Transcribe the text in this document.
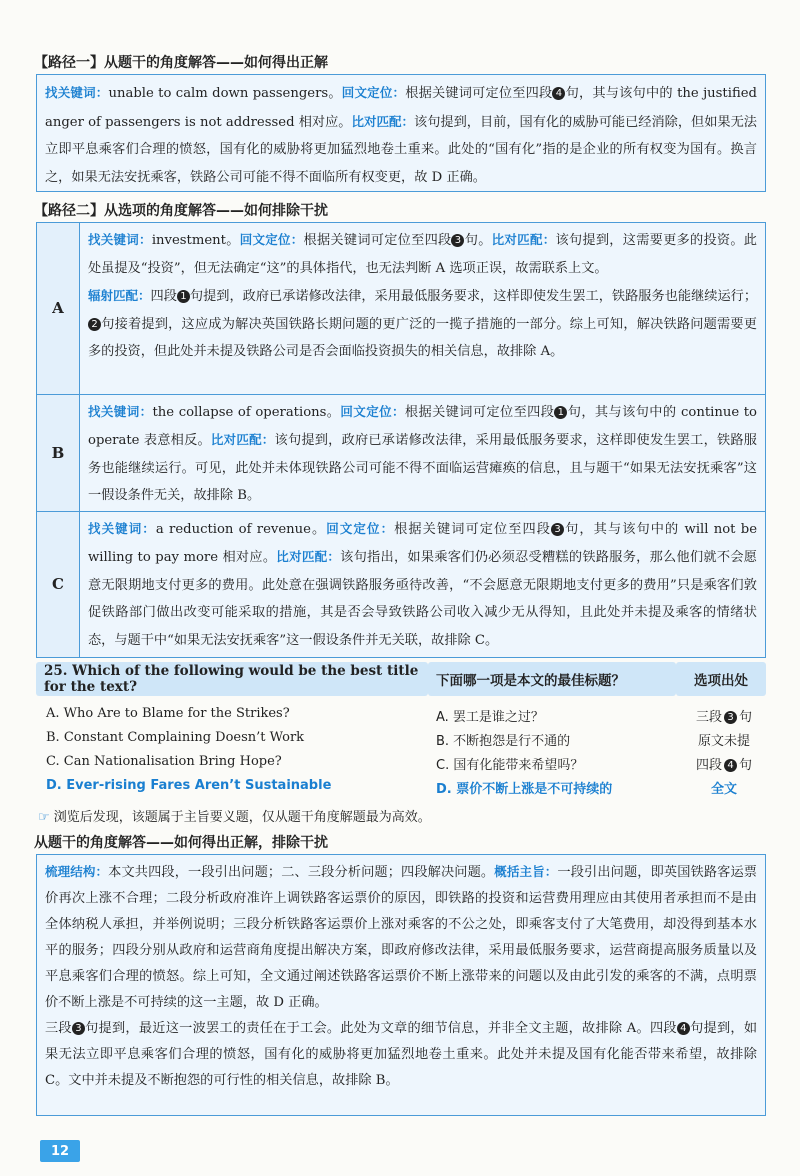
【路径一】从题干的角度解答——如何得出正解
找关键词：unable to calm down passengers。回文定位：根据关键词可定位至四段 4 句，其与该句中的 the justified anger of passengers is not addressed 相对应。比对匹配：该句提到，目前，国有化的威胁可能已经消除，但如果无法立即平息乘客们合理的愤怒，国有化的威胁将更加猛烈地卷土重来。此处的“国有化”指的是企业的所有权变为国有。换言之，如果无法安抚乘客，铁路公司可能不得不面临所有权变更，故 D 正确。
【路径二】从选项的角度解答——如何排除干扰
A
找关键词：investment。回文定位：根据关键词可定位至四段 3 句。比对匹配：该句提到，这需要更多的投资。此处虽提及“投资”，但无法确定“这”的具体指代，也无法判断 A 选项正误，故需联系上文。
辐射匹配：四段 1 句提到，政府已承诺修改法律，采用最低服务要求，这样即使发生罢工，铁路服务也能继续运行；2 句接着提到，这应成为解决英国铁路长期问题的更广泛的一揽子措施的一部分。综上可知，解决铁路问题需要更多的投资，但此处并未提及铁路公司是否会面临投资损失的相关信息，故排除 A。
B
找关键词：the collapse of operations。回文定位：根据关键词可定位至四段 1 句，其与该句中的 continue to operate 表意相反。比对匹配：该句提到，政府已承诺修改法律，采用最低服务要求，这样即使发生罢工，铁路服务也能继续运行。可见，此处并未体现铁路公司可能不得不面临运营瘫痪的信息，且与题干“如果无法安抚乘客”这一假设条件无关，故排除 B。
C
找关键词：a reduction of revenue。回文定位：根据关键词可定位至四段 3 句，其与该句中的 will not be willing to pay more 相对应。比对匹配：该句指出，如果乘客们仍必须忍受糟糕的铁路服务，那么他们就不会愿意无限期地支付更多的费用。此处意在强调铁路服务亟待改善，“不会愿意无限期地支付更多的费用”只是乘客们敦促铁路部门做出改变可能采取的措施，其是否会导致铁路公司收入减少无从得知，且此处并未提及乘客的情绪状态，与题干中“如果无法安抚乘客”这一假设条件并无关联，故排除 C。
25. Which of the following would be the best title for the text?	下面哪一项是本文的最佳标题？	选项出处
A. Who Are to Blame for the Strikes?	A. 罢工是谁之过？	三段 3 句
B. Constant Complaining Doesn’t Work	B. 不断抱怨是行不通的	原文未提
C. Can Nationalisation Bring Hope?	C. 国有化能带来希望吗？	四段 4 句
D. Ever-rising Fares Aren’t Sustainable	D. 票价不断上涨是不可持续的	全文
☞ 浏览后发现，该题属于主旨要义题，仅从题干角度解题最为高效。
从题干的角度解答——如何得出正解，排除干扰
梳理结构：本文共四段，一段引出问题；二、三段分析问题；四段解决问题。概括主旨：一段引出问题，即英国铁路客运票价再次上涨不合理；二段分析政府准许上调铁路客运票价的原因，即铁路的投资和运营费用理应由其使用者承担而不是由全体纳税人承担，并举例说明；三段分析铁路客运票价上涨对乘客的不公之处，即乘客支付了大笔费用，却没得到基本水平的服务；四段分别从政府和运营商角度提出解决方案，即政府修改法律，采用最低服务要求，运营商提高服务质量以及平息乘客们合理的愤怒。综上可知，全文通过阐述铁路客运票价不断上涨带来的问题以及由此引发的乘客的不满，点明票价不断上涨是不可持续的这一主题，故 D 正确。
三段 3 句提到，最近这一波罢工的责任在于工会。此处为文章的细节信息，并非全文主题，故排除 A。四段 4 句提到，如果无法立即平息乘客们合理的愤怒，国有化的威胁将更加猛烈地卷土重来。此处并未提及国有化能否带来希望，故排除 C。文中并未提及不断抱怨的可行性的相关信息，故排除 B。
12
